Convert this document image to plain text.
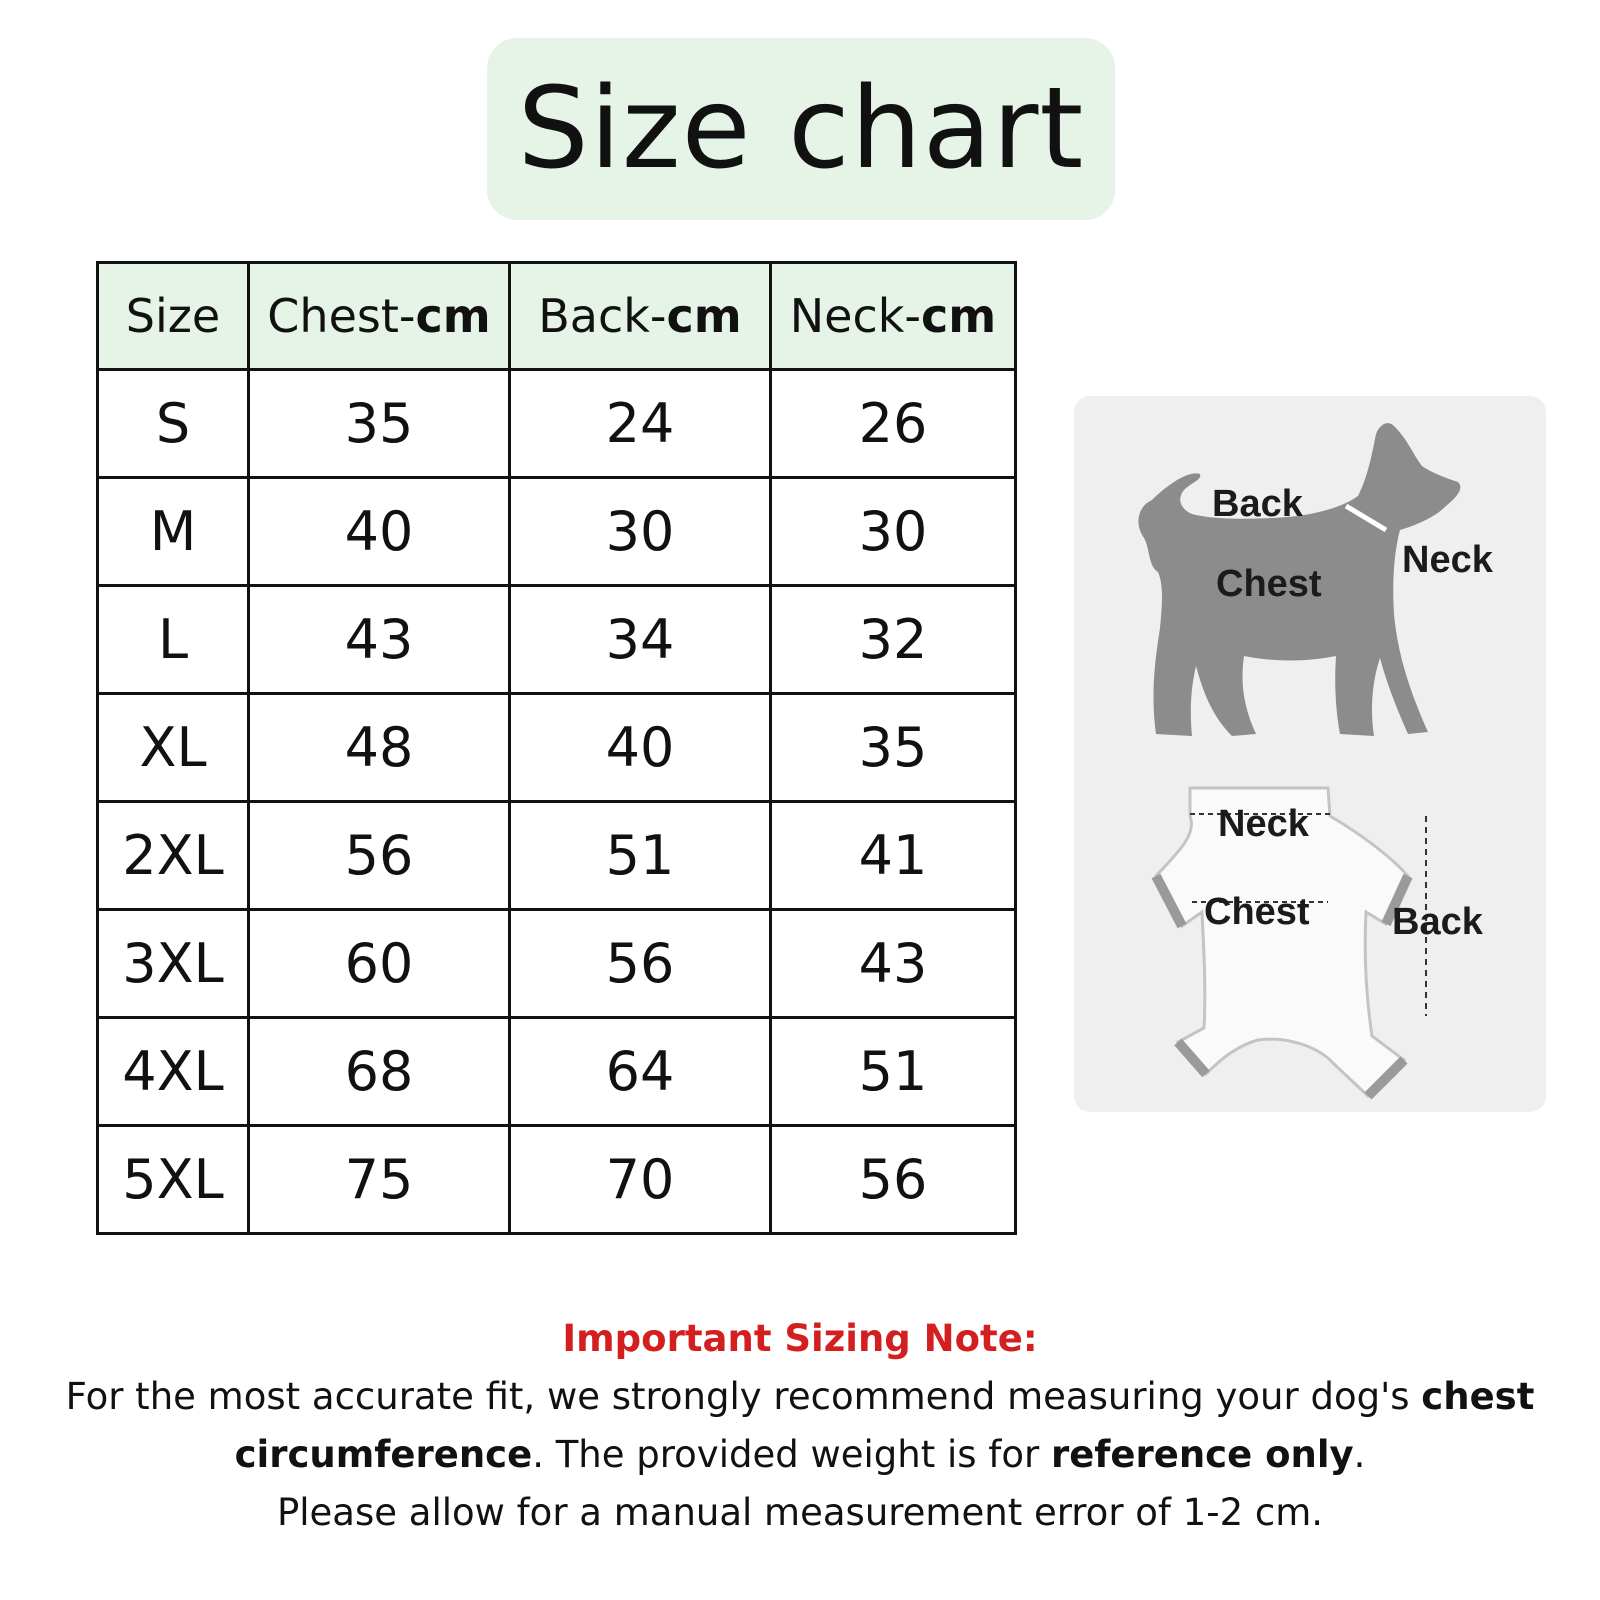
Size chart
Size	Chest-cm	Back-cm	Neck-cm
S	35	24	26
M	40	30	30
L	43	34	32
XL	48	40	35
2XL	56	51	41
3XL	60	56	43
4XL	68	64	51
5XL	75	70	56
Back
Chest
Neck
Neck
Chest Back
Important Sizing Note:
For the most accurate fit, we strongly recommend measuring your dog's chest circumference. The provided weight is for reference only.
Please allow for a manual measurement error of 1-2 cm.
